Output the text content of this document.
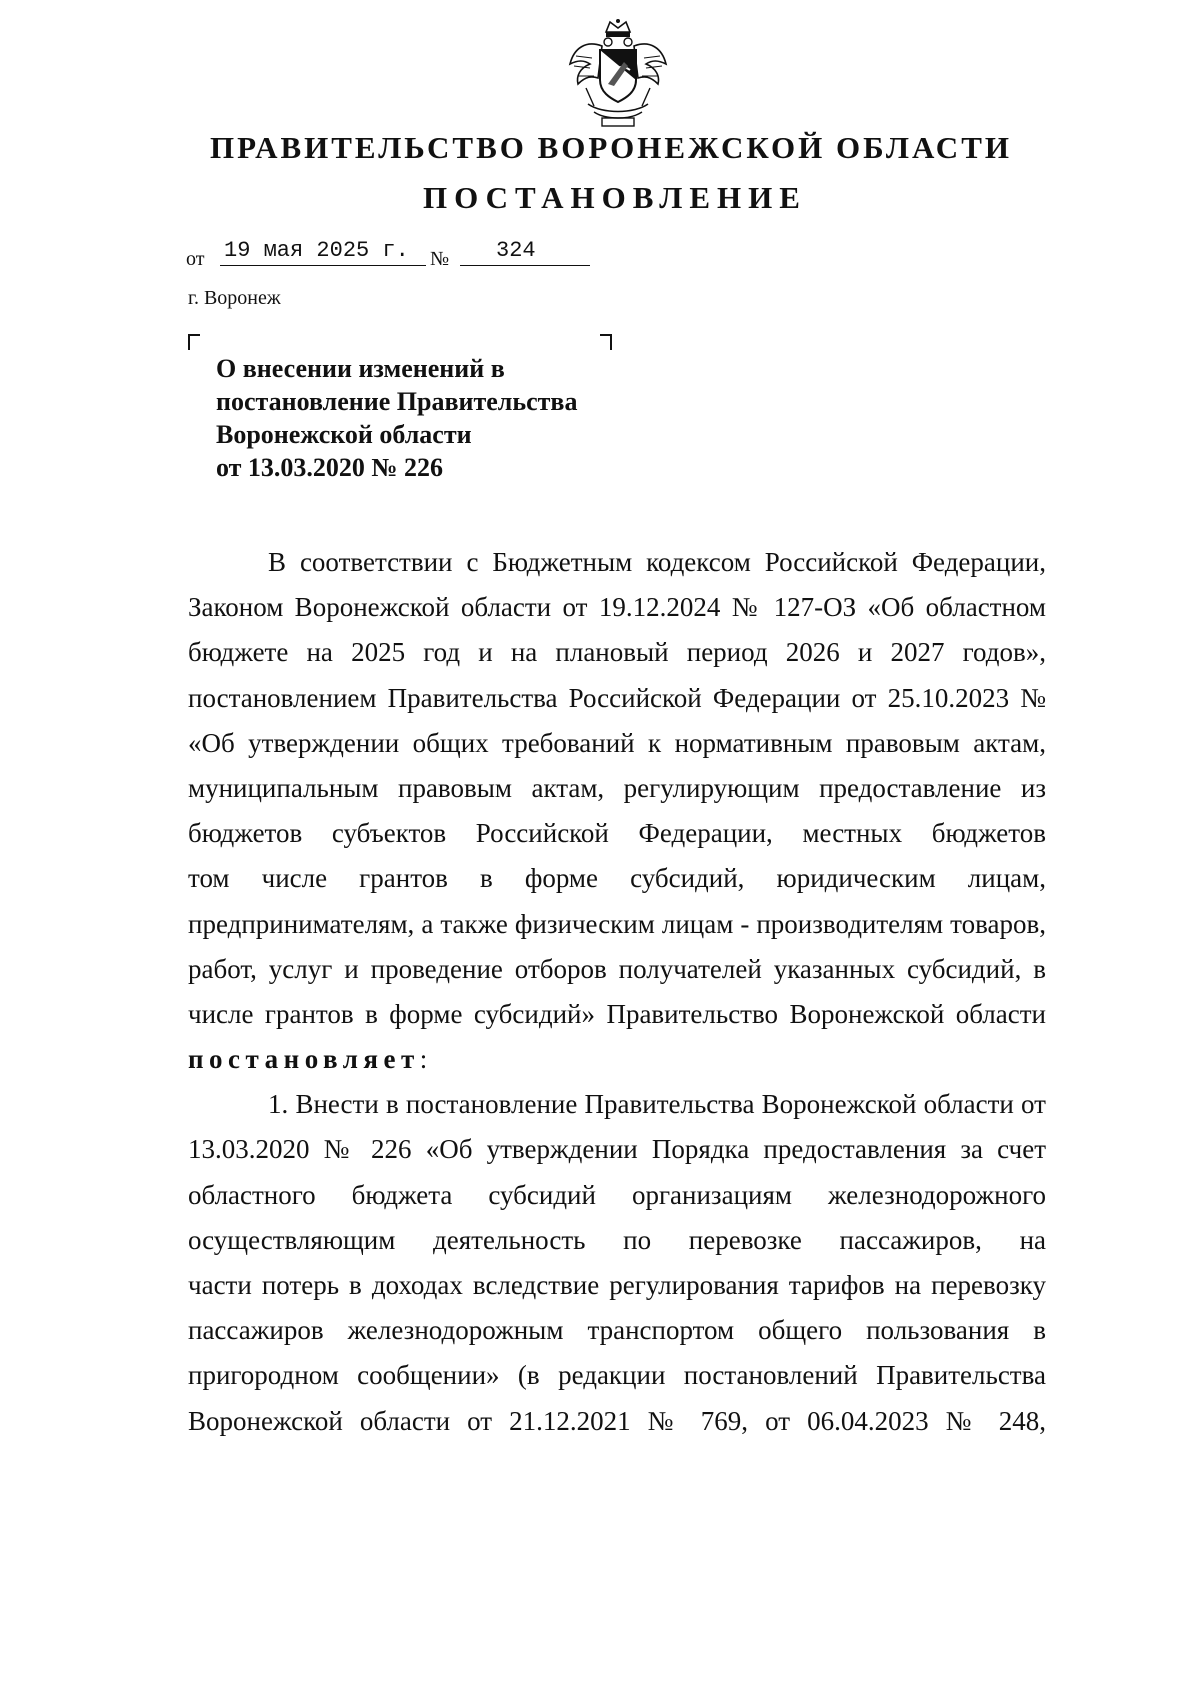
ПРАВИТЕЛЬСТВО ВОРОНЕЖСКОЙ ОБЛАСТИ
ПОСТАНОВЛЕНИЕ
от 19 мая 2025 г.	№	324
г. Воронеж
О внесении изменений в
постановление Правительства
Воронежской области
от 13.03.2020 № 226
В соответствии с Бюджетным кодексом Российской Федерации,
Законом Воронежской области от 19.12.2024 № 127-ОЗ «Об областном
бюджете на 2025 год и на плановый период 2026 и 2027 годов»,
постановлением Правительства Российской Федерации от 25.10.2023 №
«Об утверждении общих требований к нормативным правовым актам,
муниципальным правовым актам, регулирующим предоставление из
бюджетов субъектов Российской Федерации, местных бюджетов
том числе грантов в форме субсидий, юридическим лицам,
предпринимателям, а также физическим лицам - производителям товаров,
работ, услуг и проведение отборов получателей указанных субсидий, в
числе грантов в форме субсидий» Правительство Воронежской области
постановляет:
1. Внести в постановление Правительства Воронежской области от
13.03.2020 № 226 «Об утверждении Порядка предоставления за счет
областного бюджета субсидий организациям железнодорожного
осуществляющим деятельность по перевозке пассажиров, на
части потерь в доходах вследствие регулирования тарифов на перевозку
пассажиров железнодорожным транспортом общего пользования в
пригородном сообщении» (в редакции постановлений Правительства
Воронежской области от 21.12.2021 № 769, от 06.04.2023 № 248,
